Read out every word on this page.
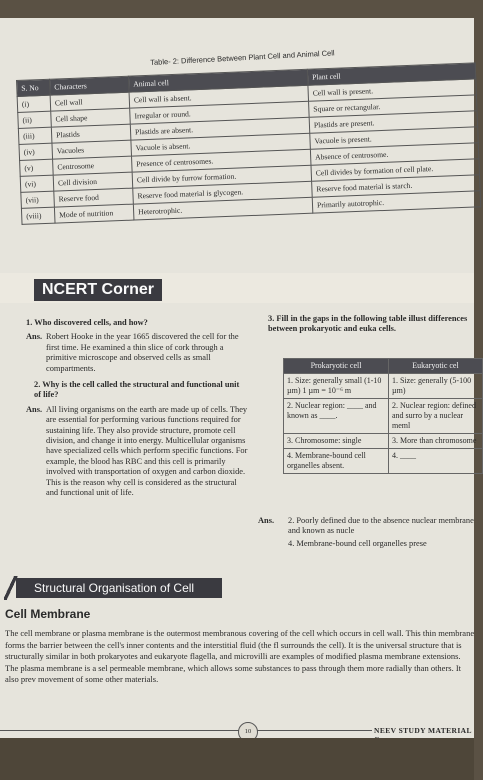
Table- 2: Difference Between Plant Cell and Animal Cell
S. No	Characters	Animal cell	Plant cell
(i)	Cell wall	Cell wall is absent.	Cell wall is present.
(ii)	Cell shape	Irregular or round.	Square or rectangular.
(iii)	Plastids	Plastids are absent.	Plastids are present.
(iv)	Vacuoles	Vacuole is absent.	Vacuole is present.
(v)	Centrosome	Presence of centrosomes.	Absence of centrosome.
(vi)	Cell division	Cell divide by furrow formation.	Cell divides by formation of cell plate.
(vii)	Reserve food	Reserve food material is glycogen.	Reserve food material is starch.
(viii)	Mode of nutrition	Heterotrophic.	Primarily autotrophic.
NCERT Corner
1. Who discovered cells, and how?
Ans. Robert Hooke in the year 1665 discovered the cell for the first time. He examined a thin slice of cork through a primitive microscope and observed cells as small compartments.
2. Why is the cell called the structural and functional unit of life?
Ans. All living organisms on the earth are made up of cells. They are essential for performing various functions required for sustaining life. They also provide structure, promote cell division, and change it into energy. Multicellular organisms have specialized cells which perform specific functions. For example, the blood has RBC and this cell is primarily involved with transportation of oxygen and carbon dioxide. This is the reason why cell is considered as the structural and functional unit of life.
3. Fill in the gaps in the following table illust differences between prokaryotic and euka cells.
Prokaryotic cell	Eukaryotic cel
1. Size: generally small (1-10 µm) 1 µm = 10⁻⁶ m	1. Size: generally (5-100 µm)
2. Nuclear region: ____ and known as ____.	2. Nuclear region: defined and surro by a nuclear meml
3. Chromosome: single	3. More than chromosome
4. Membrane-bound cell organelles absent.	4. ____
Ans.	2. Poorly defined due to the absence nuclear membrane and known as nucle
4. Membrane-bound cell organelles prese
Structural Organisation of Cell
Cell Membrane
The cell membrane or plasma membrane is the outermost membranous covering of the cell which occurs in cell wall. This thin membrane forms the barrier between the cell's inner contents and the interstitial fluid (the fl surrounds the cell). It is the universal structure that is structurally similar in both prokaryotes and eukaryote flagella, and microvilli are examples of modified plasma membrane extensions. The plasma membrane is a sel permeable membrane, which allows some substances to pass through them more radially than others. It also prev movement of some other materials.
10	NEEV STUDY MATERIAL
